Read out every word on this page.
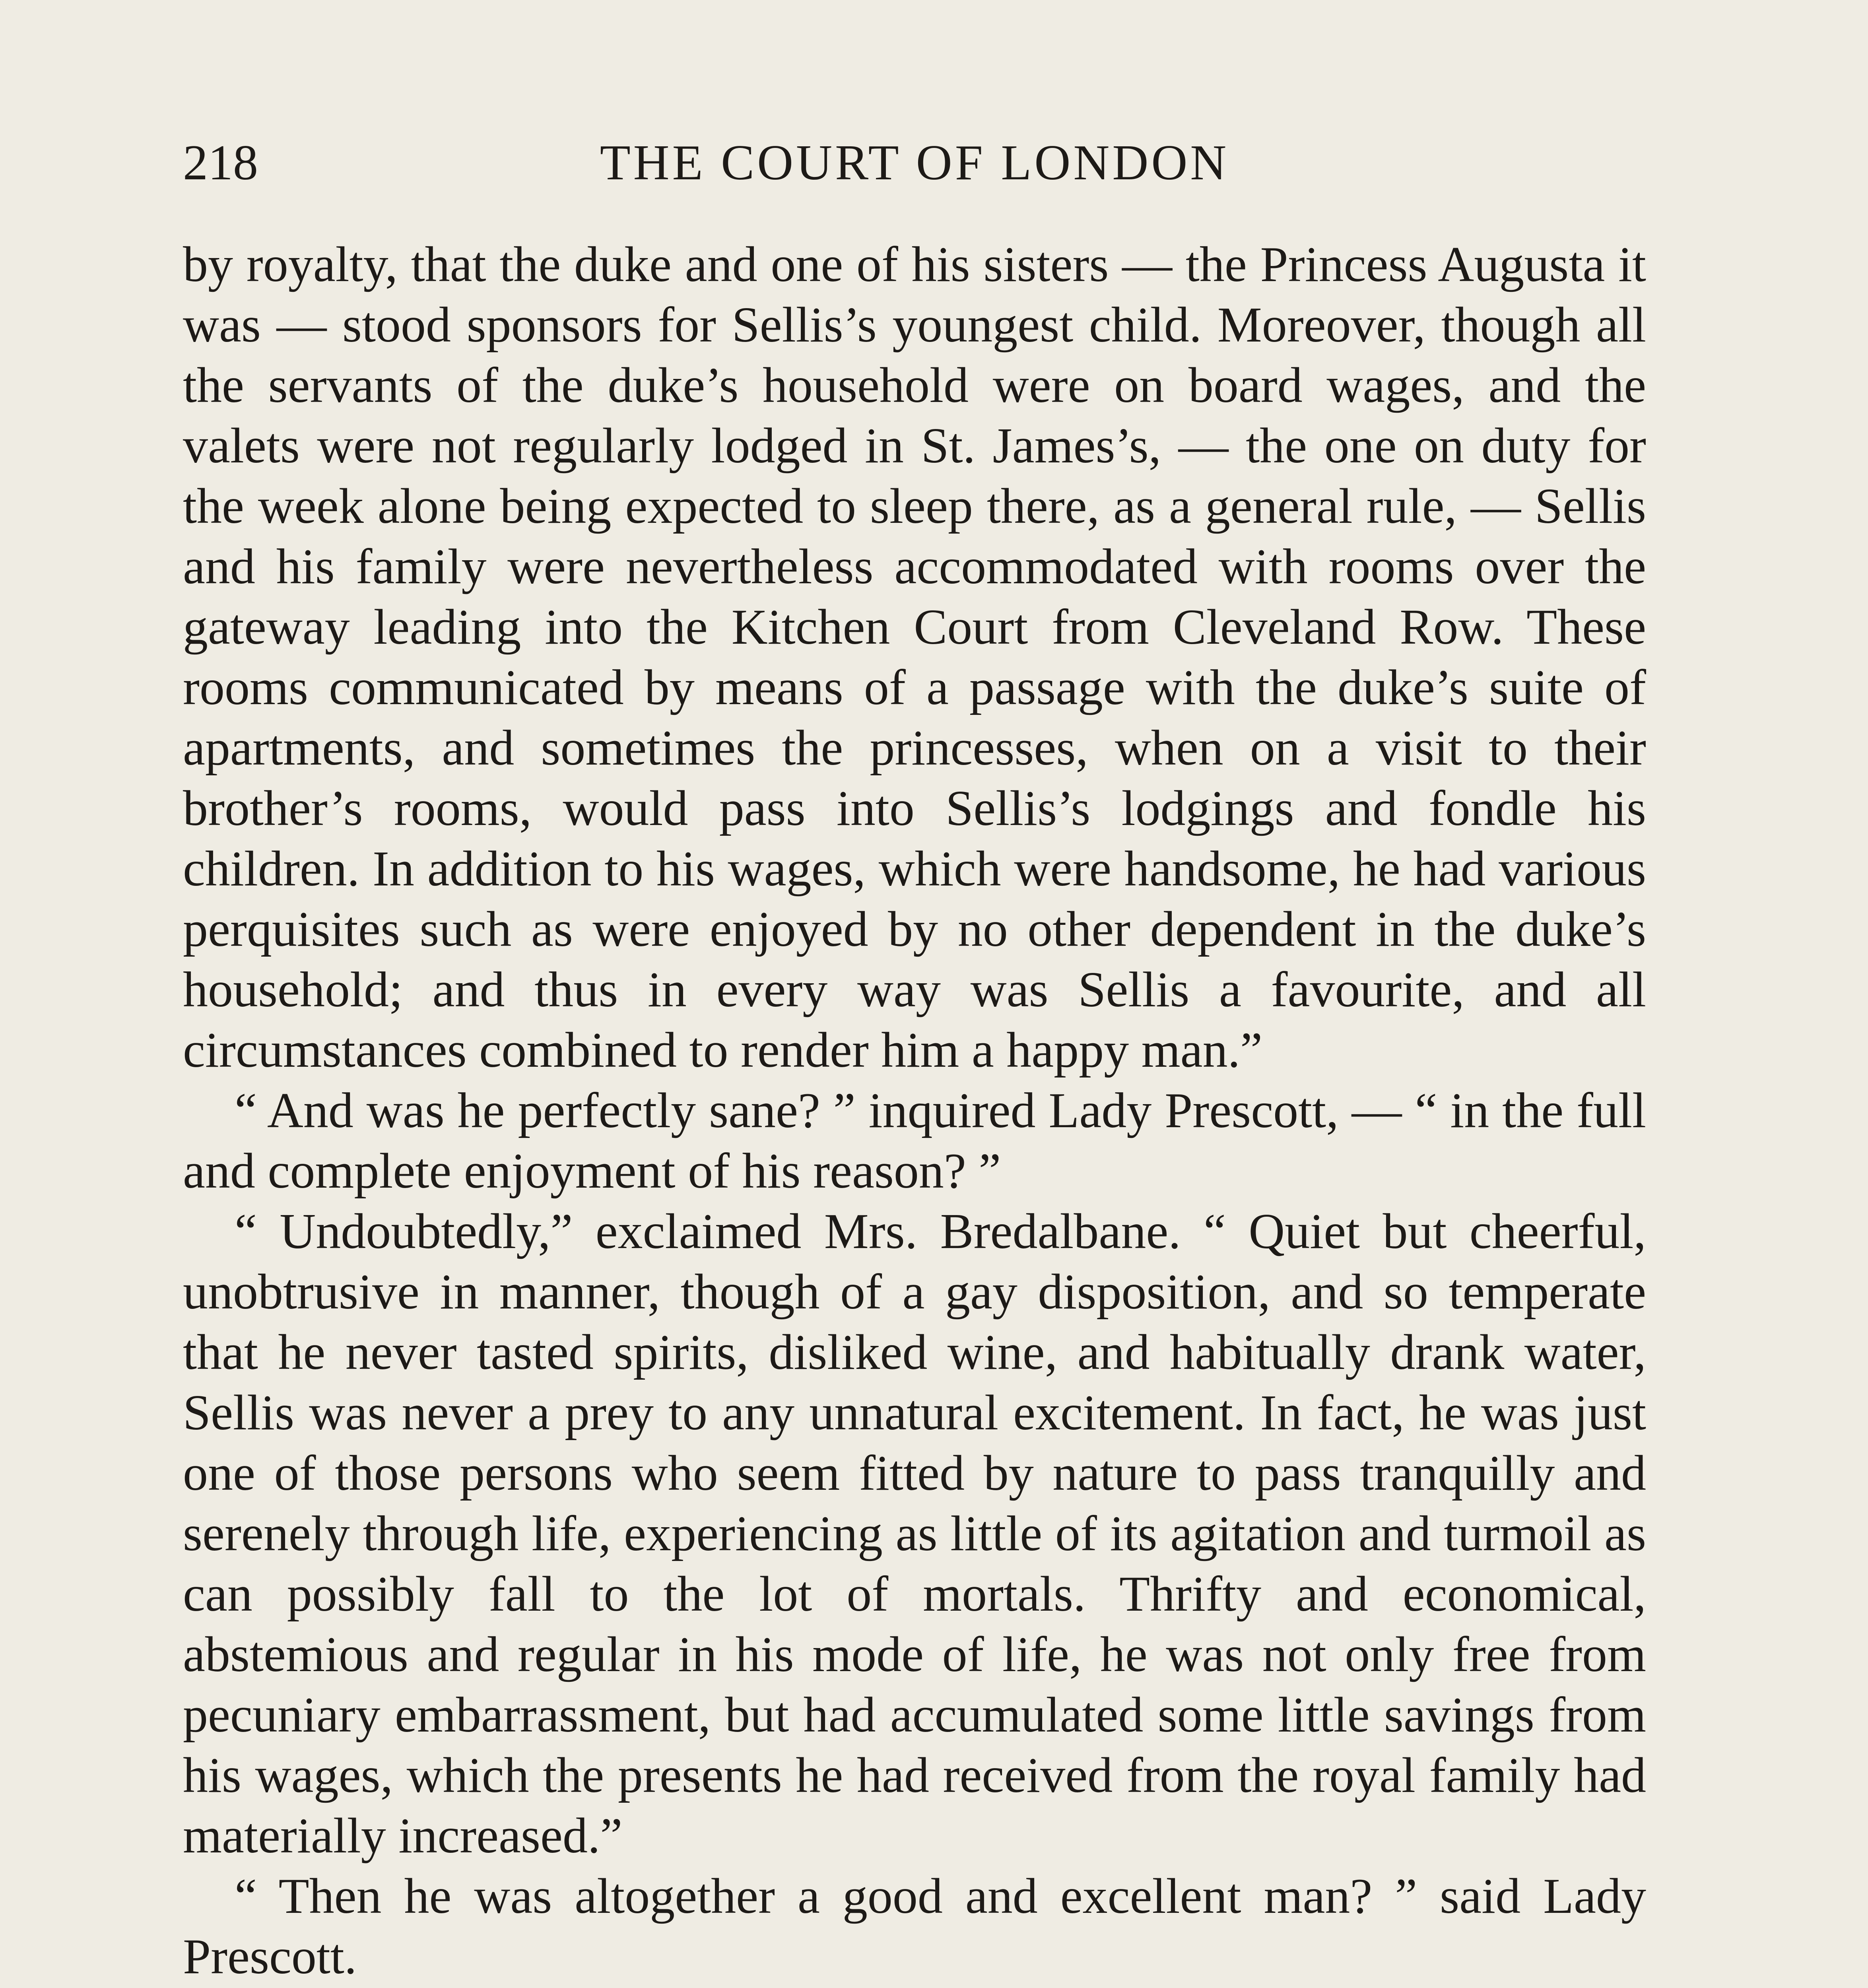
218	THE COURT OF LONDON

by royalty, that the duke and one of his sisters — the Princess Augusta it was — stood sponsors for Sellis’s youngest child. Moreover, though all the servants of the duke’s household were on board wages, and the valets were not regularly lodged in St. James’s, — the one on duty for the week alone being expected to sleep there, as a general rule, — Sellis and his family were nevertheless accommodated with rooms over the gateway leading into the Kitchen Court from Cleveland Row. These rooms communicated by means of a passage with the duke’s suite of apartments, and sometimes the princesses, when on a visit to their brother’s rooms, would pass into Sellis’s lodgings and fondle his children. In addition to his wages, which were handsome, he had various perquisites such as were enjoyed by no other dependent in the duke’s household; and thus in every way was Sellis a favourite, and all circumstances combined to render him a happy man.”

“ And was he perfectly sane? ” inquired Lady Prescott, — “ in the full and complete enjoyment of his reason? ”

“ Undoubtedly,” exclaimed Mrs. Bredalbane. “ Quiet but cheerful, unobtrusive in manner, though of a gay disposition, and so temperate that he never tasted spirits, disliked wine, and habitually drank water, Sellis was never a prey to any unnatural excitement. In fact, he was just one of those persons who seem fitted by nature to pass tranquilly and serenely through life, experiencing as little of its agitation and turmoil as can possibly fall to the lot of mortals. Thrifty and economical, abstemious and regular in his mode of life, he was not only free from pecuniary embarrassment, but had accumulated some little savings from his wages, which the presents he had received from the royal family had materially increased.”

“ Then he was altogether a good and excellent man? ” said Lady Prescott.
